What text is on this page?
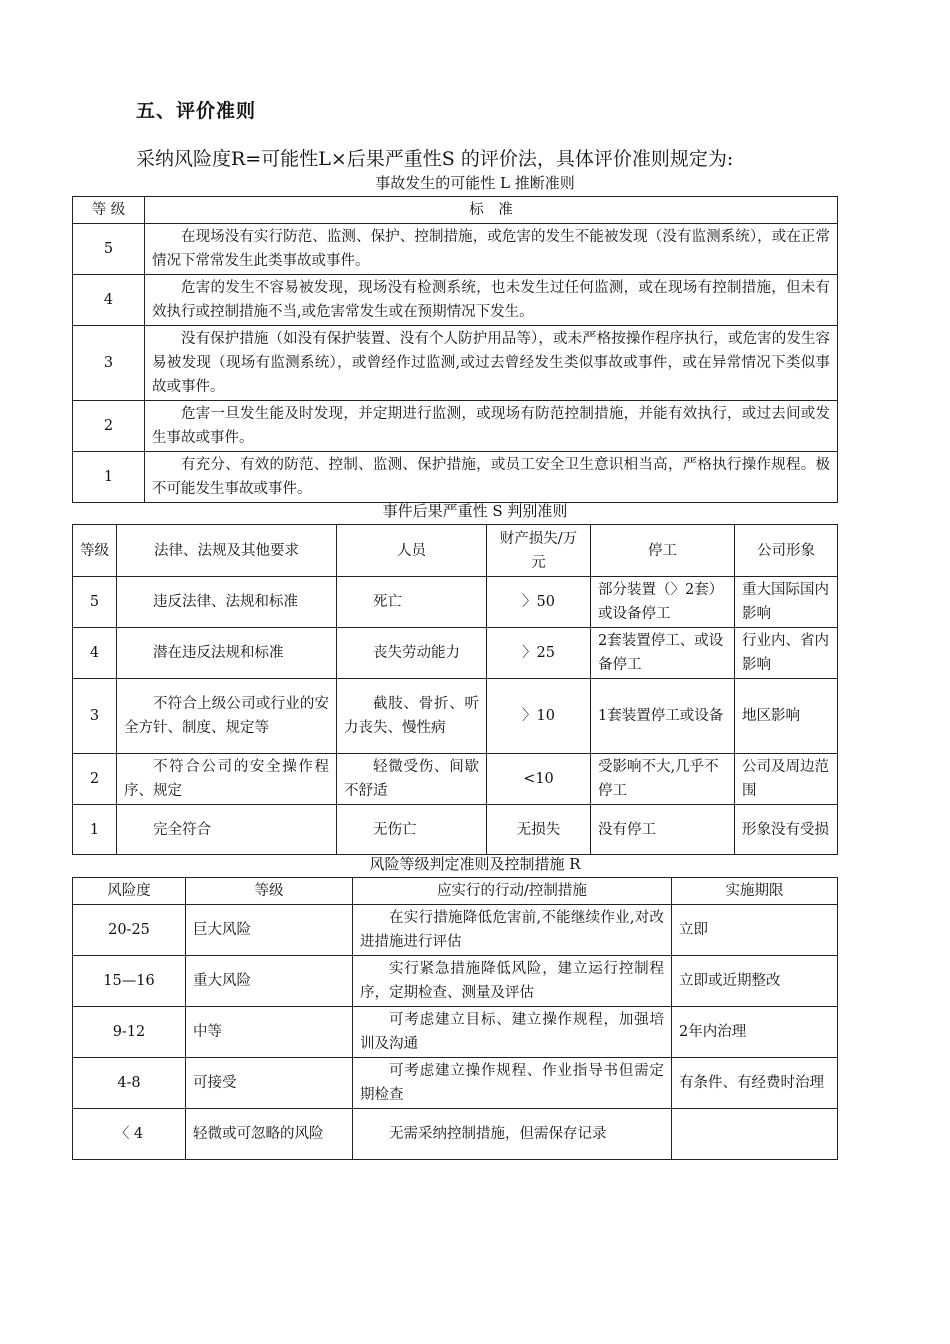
五、评价准则
采纳风险度R=可能性L×后果严重性S 的评价法，具体评价准则规定为:
事故发生的可能性 L 推断准则
等 级	标　准
5	在现场没有实行防范、监测、保护、控制措施，或危害的发生不能被发现（没有监测系统），或在正常情况下常常发生此类事故或事件。
4	危害的发生不容易被发现，现场没有检测系统，也未发生过任何监测，或在现场有控制措施，但未有效执行或控制措施不当,或危害常发生或在预期情况下发生。
3	没有保护措施（如没有保护装置、没有个人防护用品等），或未严格按操作程序执行，或危害的发生容易被发现（现场有监测系统），或曾经作过监测,或过去曾经发生类似事故或事件，或在异常情况下类似事故或事件。
2	危害一旦发生能及时发现，并定期进行监测，或现场有防范控制措施，并能有效执行，或过去间或发生事故或事件。
1	有充分、有效的防范、控制、监测、保护措施，或员工安全卫生意识相当高，严格执行操作规程。极不可能发生事故或事件。
事件后果严重性 S 判别准则
等级	法律、法规及其他要求	人员	财产损失/万元	停工	公司形象
5	违反法律、法规和标准	死亡	〉50	部分装置（〉2套）或设备停工	重大国际国内影响
4	潜在违反法规和标准	丧失劳动能力	〉25	2套装置停工、或设备停工	行业内、省内影响
3	不符合上级公司或行业的安全方针、制度、规定等	截肢、骨折、听力丧失、慢性病	〉10	1套装置停工或设备	地区影响
2	不符合公司的安全操作程序、规定	轻微受伤、间歇不舒适	<10	受影响不大,几乎不停工	公司及周边范围
1	完全符合	无伤亡	无损失	没有停工	形象没有受损
风险等级判定准则及控制措施 R
风险度	等级	应实行的行动/控制措施	实施期限
20-25	巨大风险	在实行措施降低危害前,不能继续作业,对改进措施进行评估	立即
15—16	重大风险	实行紧急措施降低风险，建立运行控制程序，定期检查、测量及评估	立即或近期整改
9-12	中等	可考虑建立目标、建立操作规程，加强培训及沟通	2年内治理
4-8	可接受	可考虑建立操作规程、作业指导书但需定期检查	有条件、有经费时治理
〈 4	轻微或可忽略的风险	无需采纳控制措施，但需保存记录	
